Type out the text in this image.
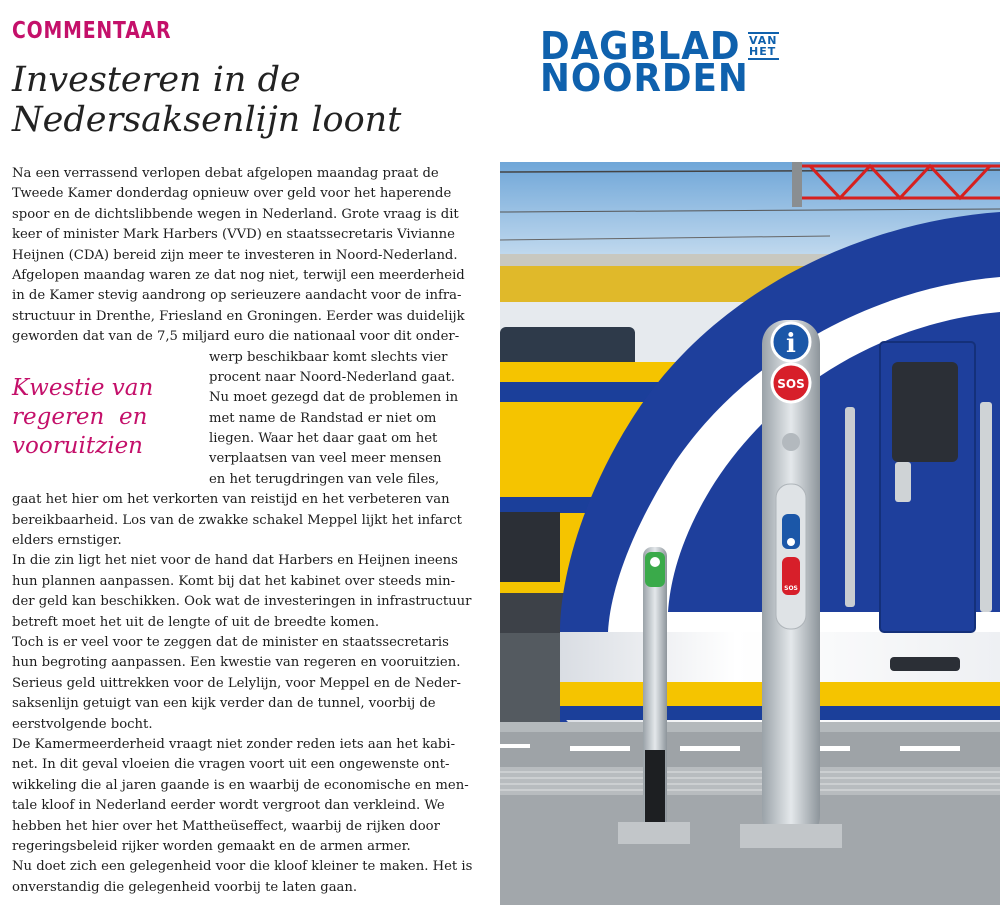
COMMENTAAR
Investeren in de
Nedersaksenlijn loont
DAGBLAD VAN HET
NOORDEN
Na een verrassend verlopen debat afgelopen maandag praat de
Tweede Kamer donderdag opnieuw over geld voor het haperende
spoor en de dichtslibbende wegen in Nederland. Grote vraag is dit
keer of minister Mark Harbers (VVD) en staatssecretaris Vivianne
Heijnen (CDA) bereid zijn meer te investeren in Noord-Nederland.
Afgelopen maandag waren ze dat nog niet, terwijl een meerderheid
in de Kamer stevig aandrong op serieuzere aandacht voor de infra-
structuur in Drenthe, Friesland en Groningen. Eerder was duidelijk
geworden dat van de 7,5 miljard euro die nationaal voor dit onder-
werp beschikbaar komt slechts vier
procent naar Noord-Nederland gaat.
Nu moet gezegd dat de problemen in
met name de Randstad er niet om
liegen. Waar het daar gaat om het
verplaatsen van veel meer mensen
en het terugdringen van vele files,
gaat het hier om het verkorten van reistijd en het verbeteren van
bereikbaarheid. Los van de zwakke schakel Meppel lijkt het infarct
elders ernstiger.
In die zin ligt het niet voor de hand dat Harbers en Heijnen ineens
hun plannen aanpassen. Komt bij dat het kabinet over steeds min-
der geld kan beschikken. Ook wat de investeringen in infrastructuur
betreft moet het uit de lengte of uit de breedte komen.
Toch is er veel voor te zeggen dat de minister en staatssecretaris
hun begroting aanpassen. Een kwestie van regeren en vooruitzien.
Serieus geld uittrekken voor de Lelylijn, voor Meppel en de Neder-
saksenlijn getuigt van een kijk verder dan de tunnel, voorbij de
eerstvolgende bocht.
De Kamermeerderheid vraagt niet zonder reden iets aan het kabi-
net. In dit geval vloeien die vragen voort uit een ongewenste ont-
wikkeling die al jaren gaande is en waarbij de economische en men-
tale kloof in Nederland eerder wordt vergroot dan verkleind. We
hebben het hier over het Mattheüseffect, waarbij de rijken door
regeringsbeleid rijker worden gemaakt en de armen armer.
Nu doet zich een gelegenheid voor die kloof kleiner te maken. Het is
onverstandig die gelegenheid voorbij te laten gaan.
Kwestie van
regeren  en
vooruitzien
i
SOS
SOS
